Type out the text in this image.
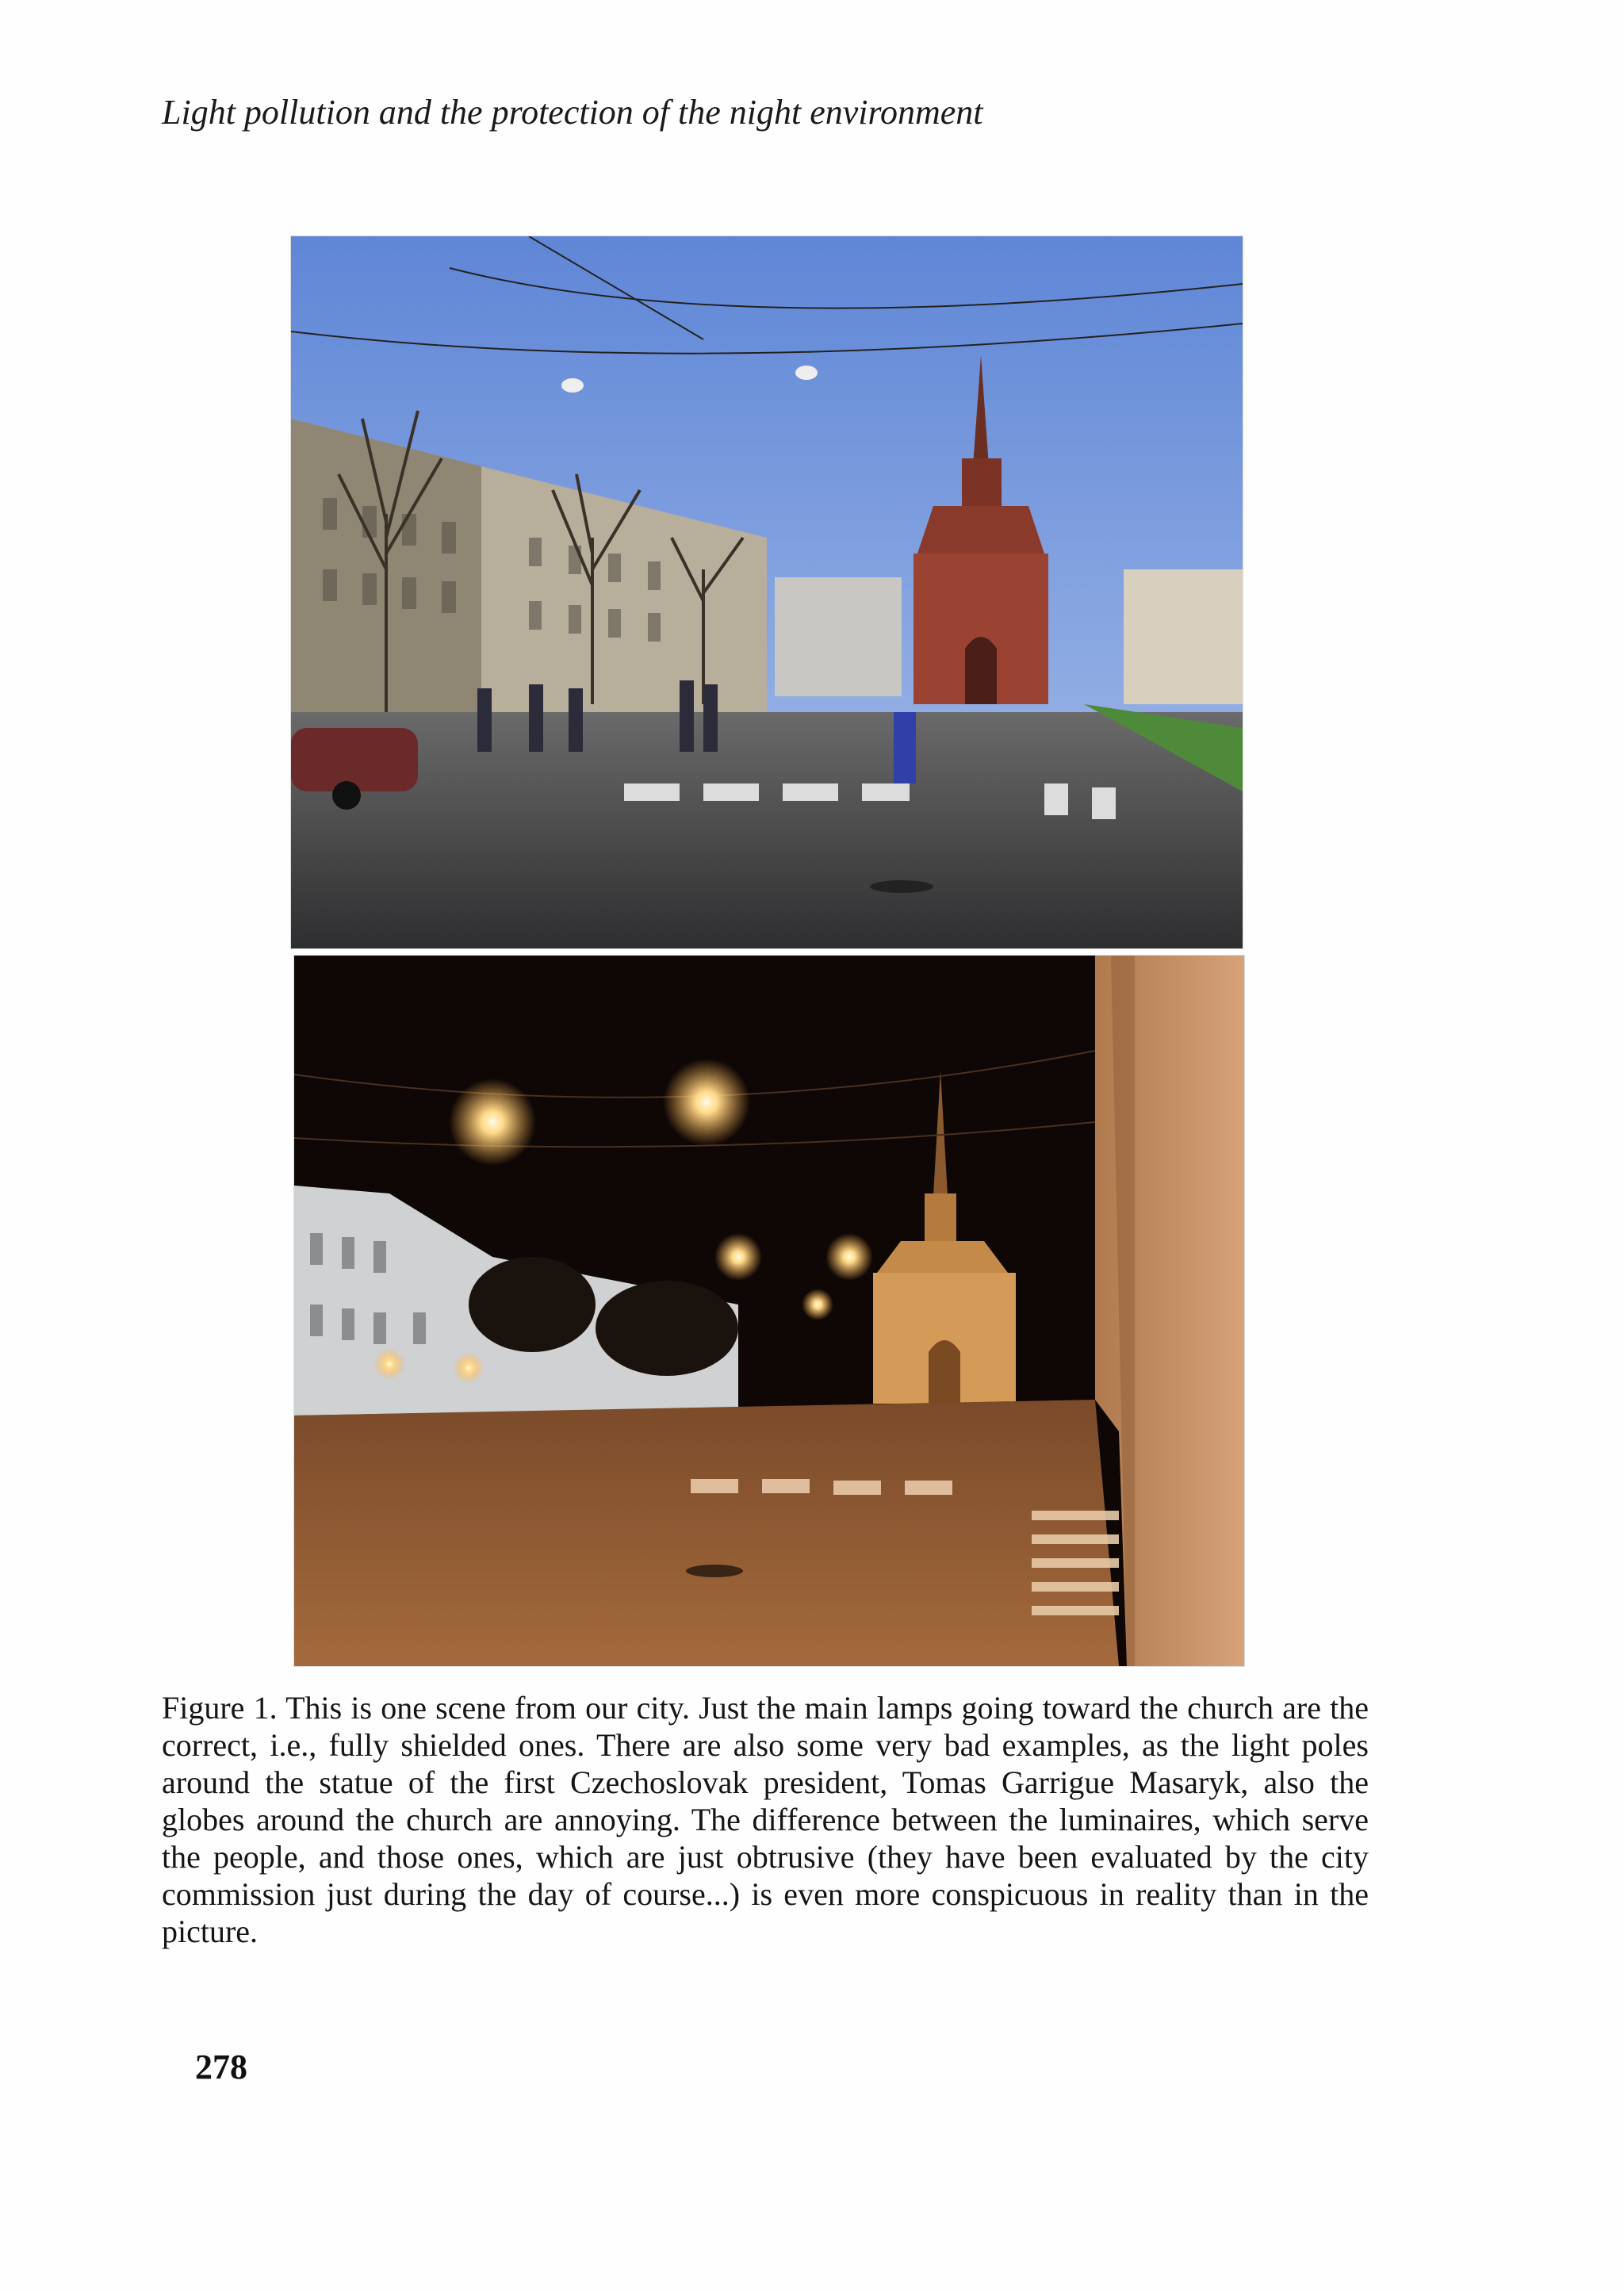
Light pollution and the protection of the night environment
Figure 1. This is one scene from our city. Just the main lamps going toward the church are the correct, i.e., fully shielded ones. There are also some very bad examples, as the light poles around the statue of the first Czechoslovak president, Tomas Garrigue Masaryk, also the globes around the church are annoying. The difference between the luminaires, which serve the people, and those ones, which are just obtrusive (they have been evaluated by the city commission just during the day of course...) is even more conspicuous in reality than in the picture.
278
